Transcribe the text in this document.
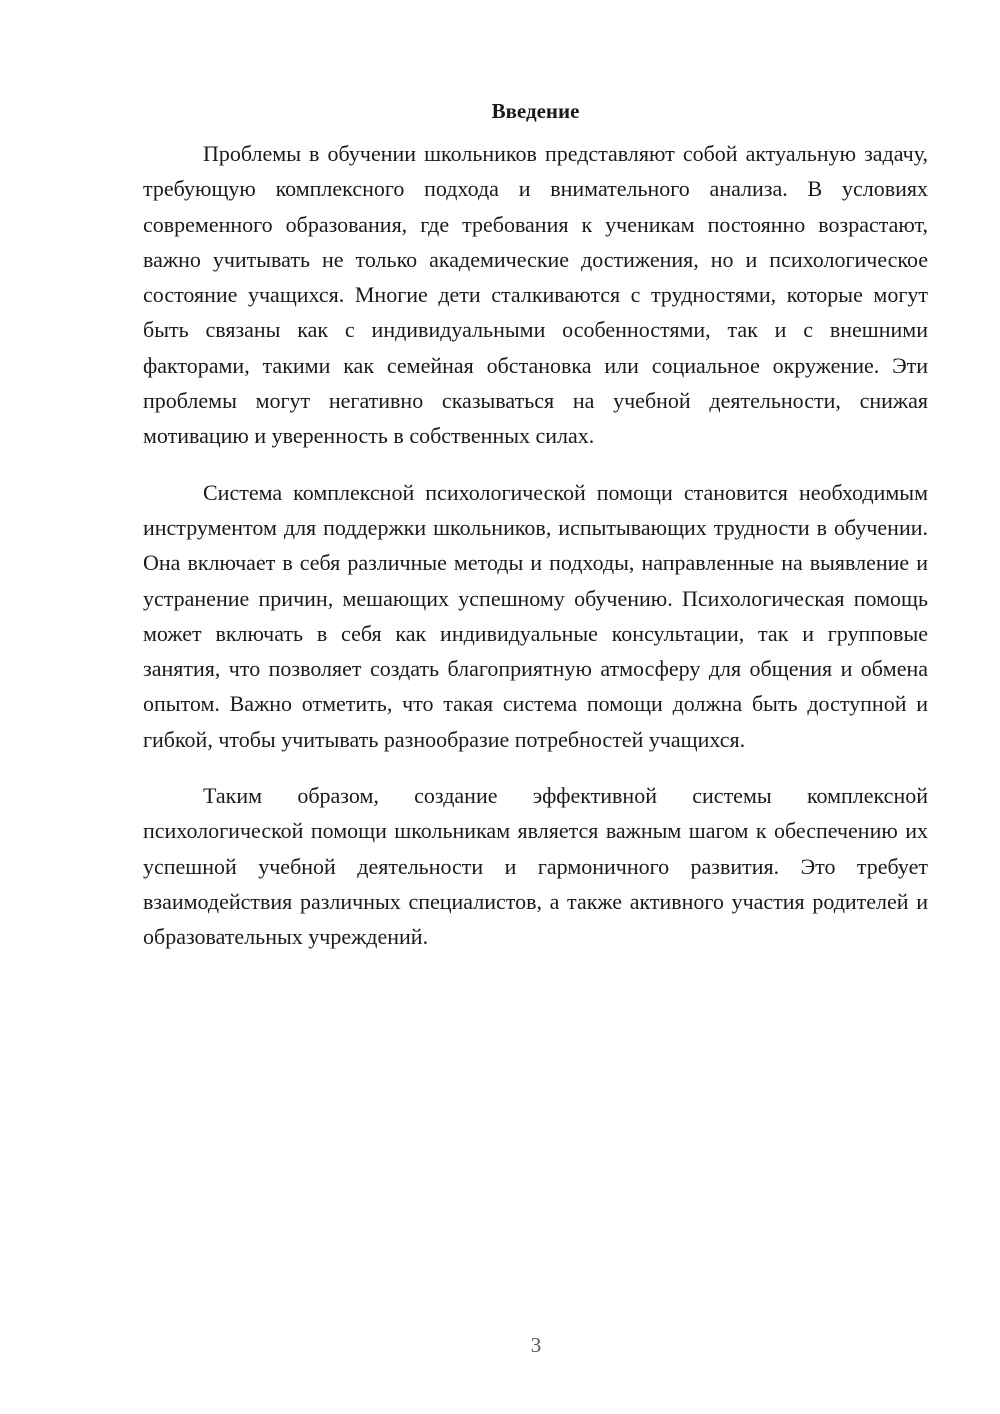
Введение

Проблемы в обучении школьников представляют собой актуальную задачу, требующую комплексного подхода и внимательного анализа. В условиях современного образования, где требования к ученикам постоянно возрастают, важно учитывать не только академические достижения, но и психологическое состояние учащихся. Многие дети сталкиваются с трудностями, которые могут быть связаны как с индивидуальными особенностями, так и с внешними факторами, такими как семейная обстановка или социальное окружение. Эти проблемы могут негативно сказываться на учебной деятельности, снижая мотивацию и уверенность в собственных силах.

Система комплексной психологической помощи становится необходимым инструментом для поддержки школьников, испытывающих трудности в обучении. Она включает в себя различные методы и подходы, направленные на выявление и устранение причин, мешающих успешному обучению. Психологическая помощь может включать в себя как индивидуальные консультации, так и групповые занятия, что позволяет создать благоприятную атмосферу для общения и обмена опытом. Важно отметить, что такая система помощи должна быть доступной и гибкой, чтобы учитывать разнообразие потребностей учащихся.

Таким образом, создание эффективной системы комплексной психологической помощи школьникам является важным шагом к обеспечению их успешной учебной деятельности и гармоничного развития. Это требует взаимодействия различных специалистов, а также активного участия родителей и образовательных учреждений.

3
